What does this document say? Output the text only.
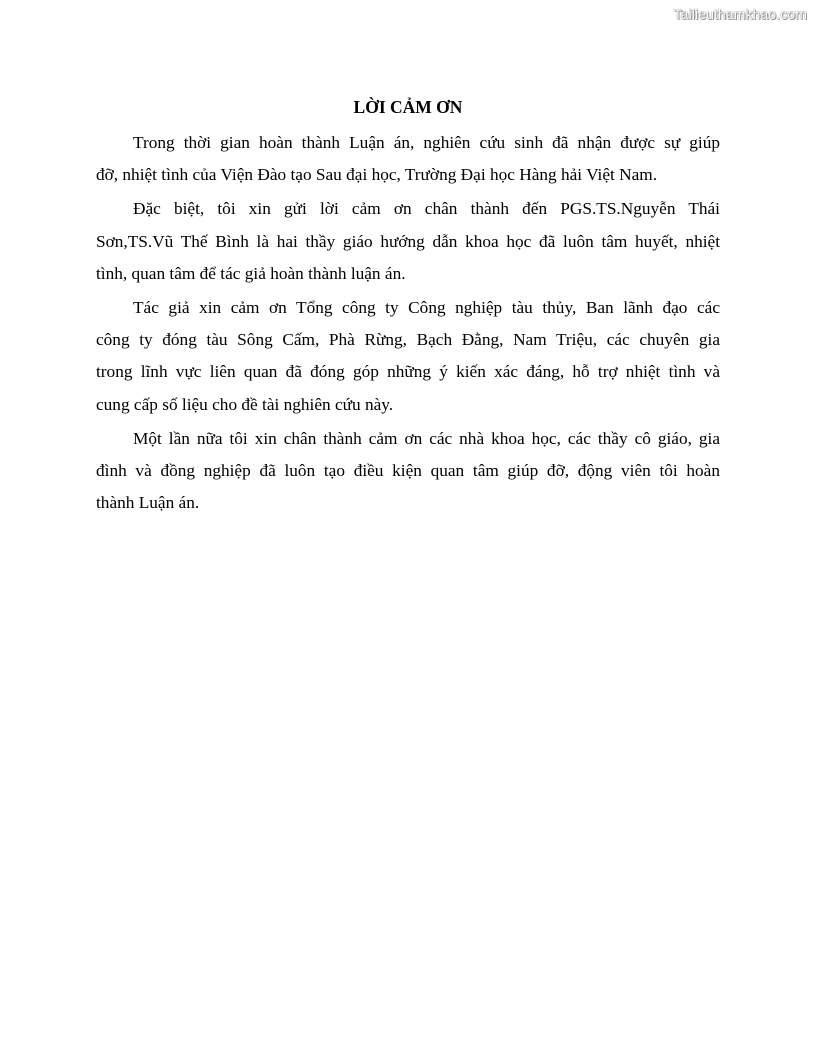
Tailieuthamkhao.com
LỜI CẢM ƠN
Trong thời gian hoàn thành Luận án, nghiên cứu sinh đã nhận được sự giúp
đỡ, nhiệt tình của Viện Đào tạo Sau đại học, Trường Đại học Hàng hải Việt Nam.
Đặc biệt, tôi xin gửi lời cảm ơn chân thành đến PGS.TS.Nguyễn Thái
Sơn,TS.Vũ Thế Bình là hai thầy giáo hướng dẫn khoa học đã luôn tâm huyết, nhiệt
tình, quan tâm để tác giả hoàn thành luận án.
Tác giả xin cảm ơn Tổng công ty Công nghiệp tàu thủy, Ban lãnh đạo các
công ty đóng tàu Sông Cấm, Phà Rừng, Bạch Đằng, Nam Triệu, các chuyên gia
trong lĩnh vực liên quan đã đóng góp những ý kiến xác đáng, hỗ trợ nhiệt tình và
cung cấp số liệu cho đề tài nghiên cứu này.
Một lần nữa tôi xin chân thành cảm ơn các nhà khoa học, các thầy cô giáo, gia
đình và đồng nghiệp đã luôn tạo điều kiện quan tâm giúp đỡ, động viên tôi hoàn
thành Luận án.
